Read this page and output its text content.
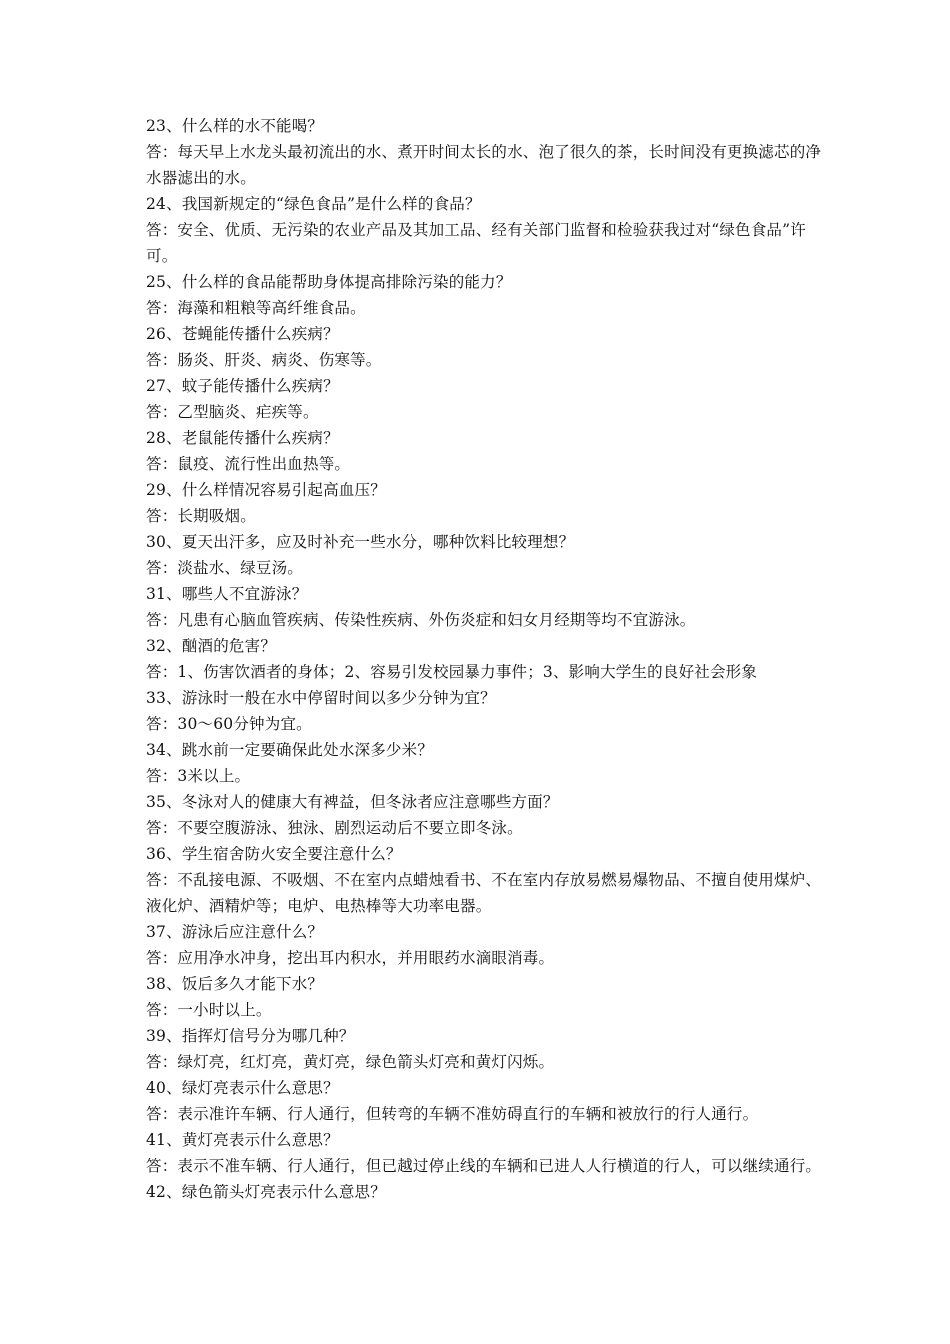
23、什么样的水不能喝？

答：每天早上水龙头最初流出的水、煮开时间太长的水、泡了很久的茶，长时间没有更换滤芯的净水器滤出的水。

24、我国新规定的“绿色食品”是什么样的食品？

答：安全、优质、无污染的农业产品及其加工品、经有关部门监督和检验获我过对“绿色食品”许可。

25、什么样的食品能帮助身体提高排除污染的能力？

答：海藻和粗粮等高纤维食品。

26、苍蝇能传播什么疾病？

答：肠炎、肝炎、病炎、伤寒等。

27、蚊子能传播什么疾病？

答：乙型脑炎、疟疾等。

28、老鼠能传播什么疾病？

答：鼠疫、流行性出血热等。

29、什么样情况容易引起高血压？

答：长期吸烟。

30、夏天出汗多，应及时补充一些水分，哪种饮料比较理想？

答：淡盐水、绿豆汤。

31、哪些人不宜游泳？

答：凡患有心脑血管疾病、传染性疾病、外伤炎症和妇女月经期等均不宜游泳。

32、酗酒的危害？

答：1、伤害饮酒者的身体；2、容易引发校园暴力事件；3、影响大学生的良好社会形象

33、游泳时一般在水中停留时间以多少分钟为宜？

答：30～60分钟为宜。

34、跳水前一定要确保此处水深多少米？

答：3米以上。

35、冬泳对人的健康大有裨益，但冬泳者应注意哪些方面？

答：不要空腹游泳、独泳、剧烈运动后不要立即冬泳。

36、学生宿舍防火安全要注意什么？

答：不乱接电源、不吸烟、不在室内点蜡烛看书、不在室内存放易燃易爆物品、不擅自使用煤炉、液化炉、酒精炉等；电炉、电热棒等大功率电器。

37、游泳后应注意什么？

答：应用净水冲身，挖出耳内积水，并用眼药水滴眼消毒。

38、饭后多久才能下水？

答：一小时以上。

39、指挥灯信号分为哪几种？

答：绿灯亮，红灯亮，黄灯亮，绿色箭头灯亮和黄灯闪烁。

40、绿灯亮表示什么意思？

答：表示准许车辆、行人通行，但转弯的车辆不准妨碍直行的车辆和被放行的行人通行。

41、黄灯亮表示什么意思？

答：表示不准车辆、行人通行，但已越过停止线的车辆和已进人人行横道的行人，可以继续通行。

42、绿色箭头灯亮表示什么意思？
